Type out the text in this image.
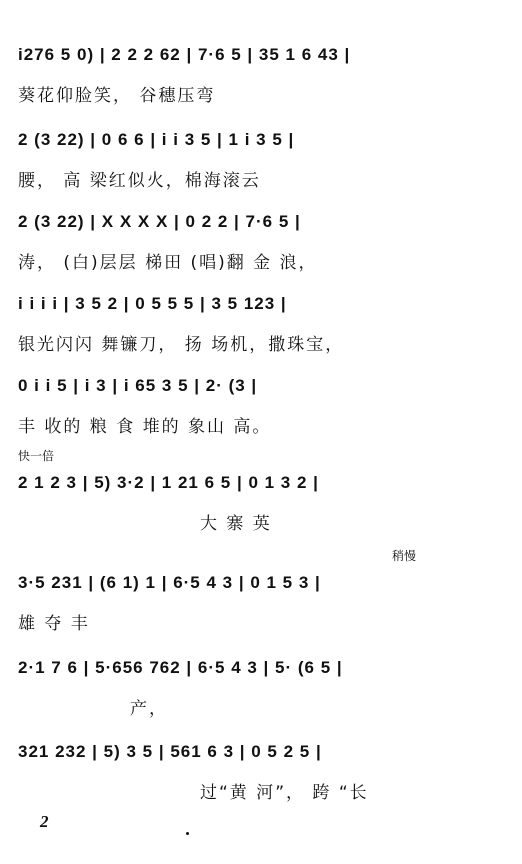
i276 5 0) | 2 2 2 62 | 7·6 5 | 35 1 6 43 |
葵花仰脸笑， 谷穗压弯
2 (3 22) | 0 6 6 | i i 3 5 | 1 i 3 5 |
腰， 高 梁红似火，棉海滚云
2 (3 22) | X X X X | 0 2 2 | 7·6 5 |
涛， (白)层层 梯田 (唱)翻 金 浪，
i i i i | 3 5 2 | 0 5 5 5 | 3 5 123 |
银光闪闪 舞镰刀， 扬 场机，撒珠宝，
0 i i 5 | i 3 | i 65 3 5 | 2· (3 |
丰 收的 粮 食 堆的 象山 高。
快一倍
2 1 2 3 | 5) 3·2 | 1 21 6 5 | 0 1 3 2 |
大 寨 英
稍慢
3·5 231 | (6 1) 1 | 6·5 4 3 | 0 1 5 3 |
雄 夺 丰
2·1 7 6 | 5·656 762 | 6·5 4 3 | 5· (6 5 |
产，
321 232 | 5) 3 5 | 561 6 3 | 0 5 2 5 |
过“黄 河”， 跨 “长
2
